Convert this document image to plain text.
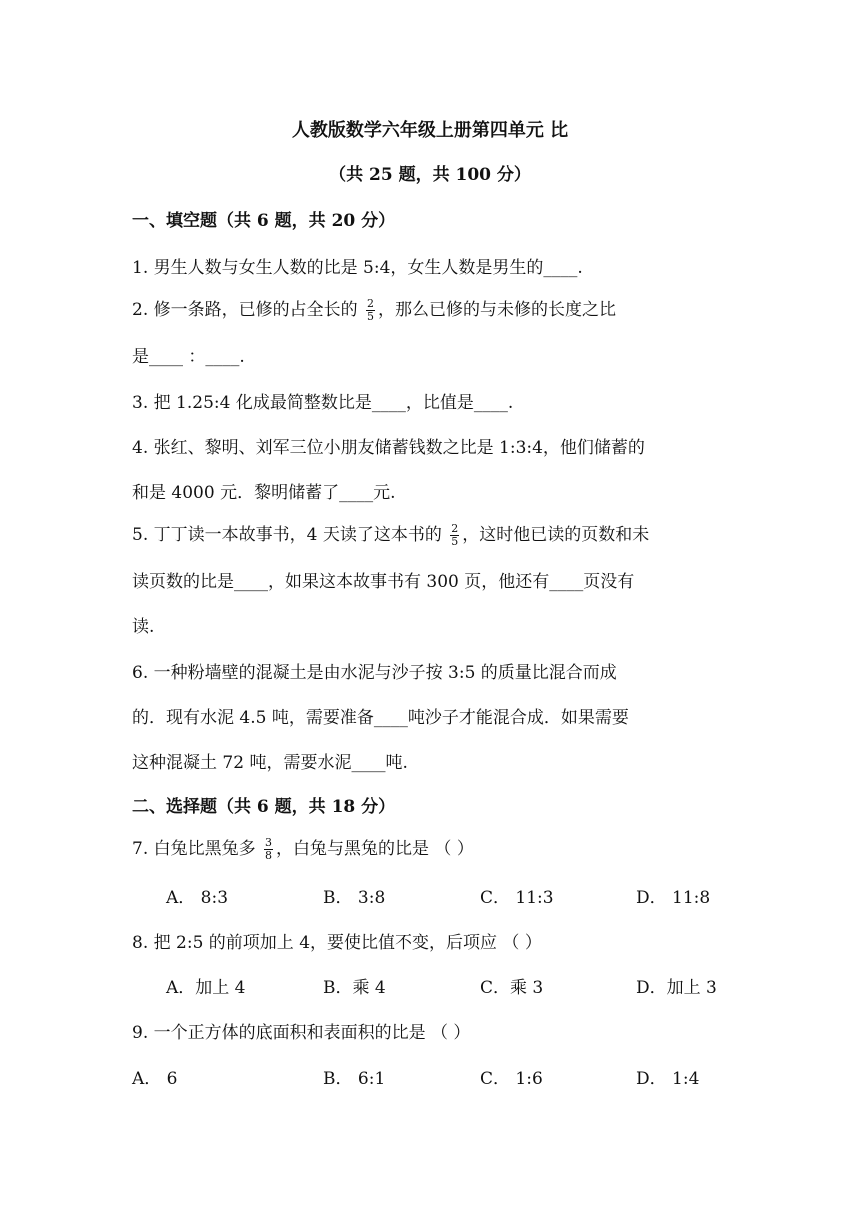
人教版数学六年级上册第四单元 比
（共 25 题，共 100 分）
一、填空题（共 6 题，共 20 分）
1. 男生人数与女生人数的比是 5:4，女生人数是男生的____.
2. 修一条路，已修的占全长的 $\frac{2}{5}$ ，那么已修的与未修的长度之比
是____ ：____.
3. 把 1.25:4 化成最简整数比是____，比值是____.
4. 张红、黎明、刘军三位小朋友储蓄钱数之比是 1:3:4，他们储蓄的
和是 4000 元．黎明储蓄了____元.
5. 丁丁读一本故事书，4 天读了这本书的 $\frac{2}{5}$ ，这时他已读的页数和未
读页数的比是____，如果这本故事书有 300 页，他还有____页没有
读.
6. 一种粉墙壁的混凝土是由水泥与沙子按 3:5 的质量比混合而成
的．现有水泥 4.5 吨，需要准备____吨沙子才能混合成．如果需要
这种混凝土 72 吨，需要水泥____吨.
二、选择题（共 6 题，共 18 分）
7. 白兔比黑兔多 $\frac{3}{8}$ ，白兔与黑兔的比是 （ ）
A． 8:3	B． 3:8	C． 11:3	D． 11:8
8. 把 2:5 的前项加上 4，要使比值不变，后项应 （ ）
A．加上 4	B．乘 4	C．乘 3	D．加上 3
9. 一个正方体的底面积和表面积的比是 （ ）
A． 6	B． 6:1	C． 1:6	D． 1:4
